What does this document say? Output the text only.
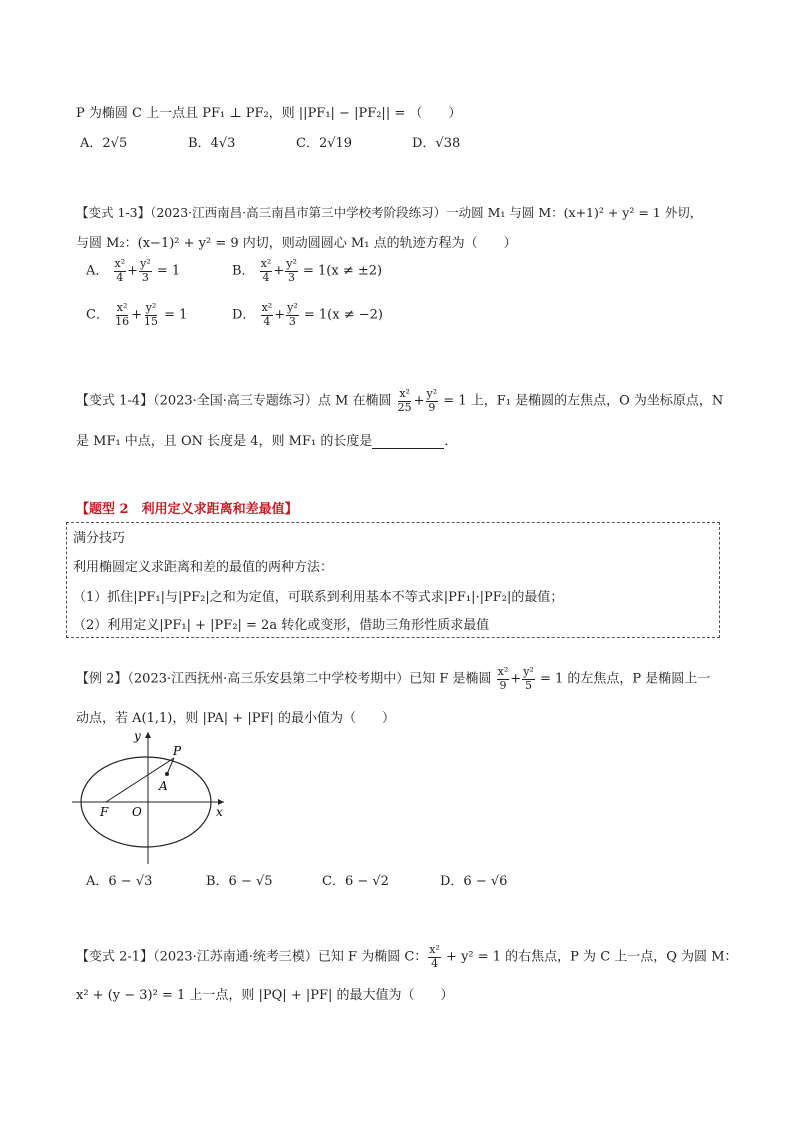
P 为椭圆 C 上一点且 PF₁ ⊥ PF₂，则 ||PF₁| − |PF₂|| = （　　）
A．2√5	B．4√3	C．2√19	D．√38
【变式 1-3】（2023·江西南昌·高三南昌市第三中学校考阶段练习）一动圆 M₁ 与圆 M：(x+1)² + y² = 1 外切，
与圆 M₂：(x−1)² + y² = 9 内切，则动圆圆心 M₁ 点的轨迹方程为（　　）
A． $\frac{\text{x²}}{4} + \frac{\text{y²}}{3} = 1$	B． $\frac{\text{x²}}{4} + \frac{\text{y²}}{3} = 1(x \ne \pm 2)$
C． $\frac{\text{x²}}{16} + \frac{\text{y²}}{15} = 1$	D． $\frac{\text{x²}}{4} + \frac{\text{y²}}{3} = 1(x \ne -2)$
【变式 1-4】（2023·全国·高三专题练习）点 M 在椭圆 $\frac{\text{x²}}{25} + \frac{\text{y²}}{9} = 1$ 上，F₁ 是椭圆的左焦点，O 为坐标原点，N
是 MF₁ 中点，且 ON 长度是 4，则 MF₁ 的长度是	．
【题型 2　利用定义求距离和差最值】
满分技巧
利用椭圆定义求距离和差的最值的两种方法：
（1）抓住|PF₁|与|PF₂|之和为定值，可联系到利用基本不等式求|PF₁|·|PF₂|的最值；
（2）利用定义|PF₁| + |PF₂| = 2a 转化或变形，借助三角形性质求最值
【例 2】（2023·江西抚州·高三乐安县第二中学校考期中）已知 F 是椭圆 $\frac{\text{x²}}{9} + \frac{\text{y²}}{5} = 1$ 的左焦点，P 是椭圆上一
动点，若 A(1,1)，则 |PA| + |PF| 的最小值为（　　）
y
x
P
A
F O
A．6 − √3	B．6 − √5	C．6 − √2	D．6 − √6
【变式 2-1】（2023·江苏南通·统考三模）已知 F 为椭圆 C： $\frac{\text{x²}}{4} + y^2 = 1$ 的右焦点，P 为 C 上一点，Q 为圆 M：
x² + (y − 3)² = 1 上一点，则 |PQ| + |PF| 的最大值为（　　）
